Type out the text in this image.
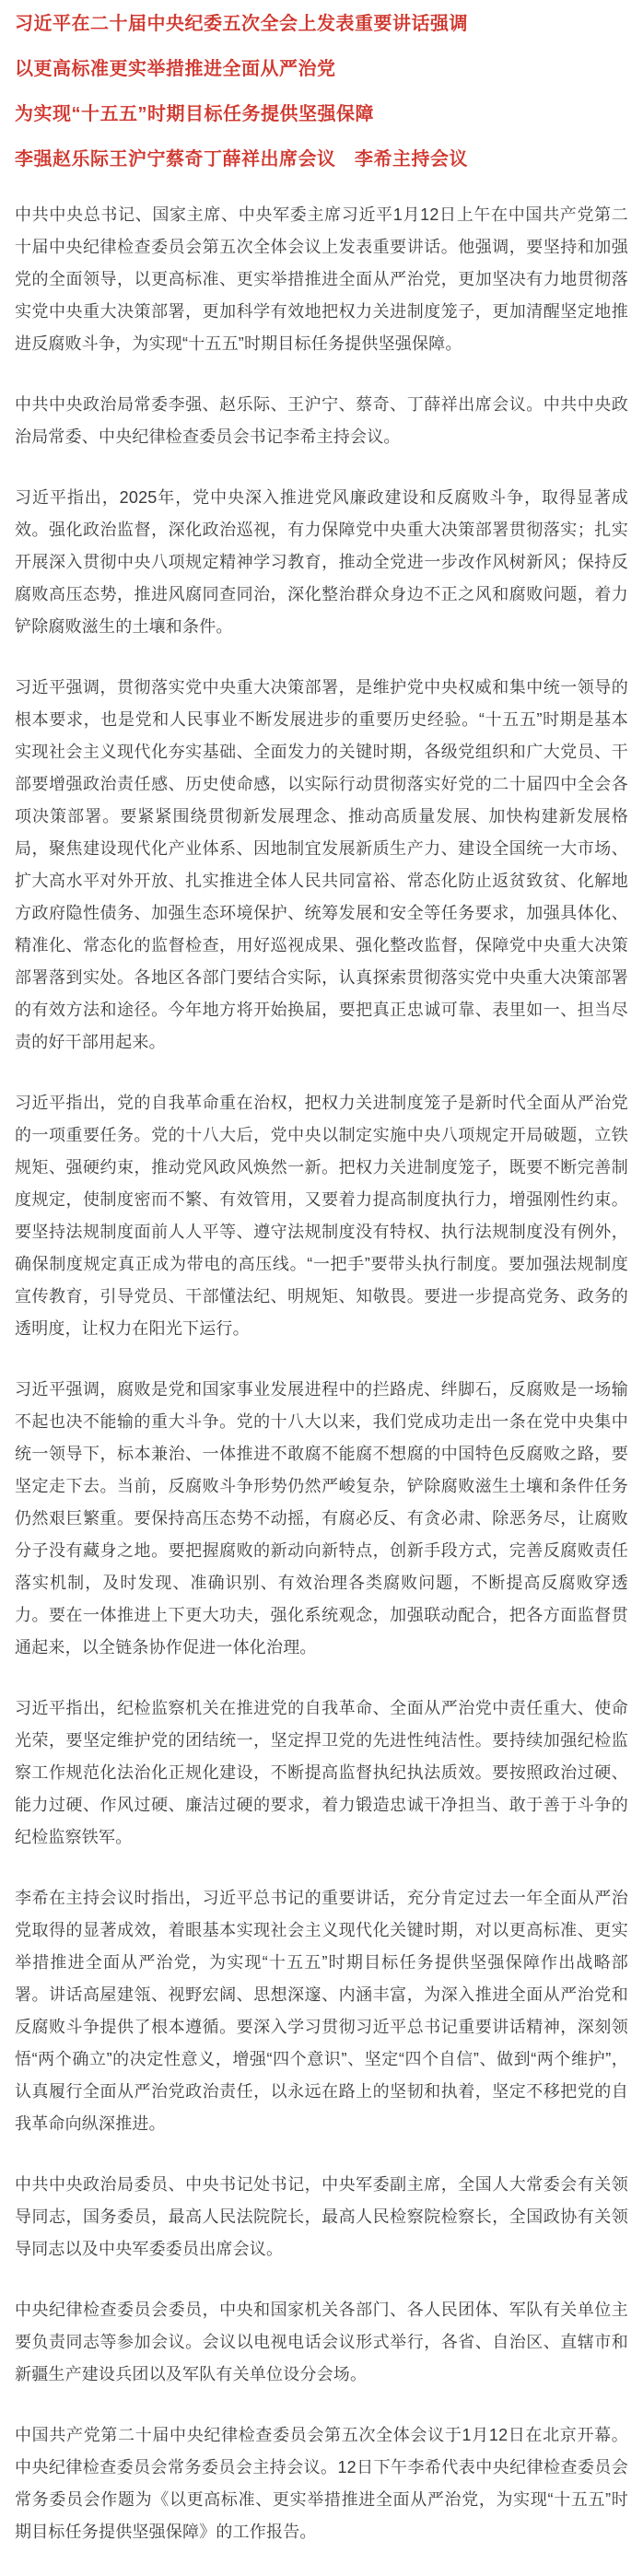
习近平在二十届中央纪委五次全会上发表重要讲话强调
以更高标准更实举措推进全面从严治党
为实现“十五五”时期目标任务提供坚强保障
李强赵乐际王沪宁蔡奇丁薛祥出席会议　李希主持会议

中共中央总书记、国家主席、中央军委主席习近平1月12日上午在中国共产党第二十届中央纪律检查委员会第五次全体会议上发表重要讲话。他强调，要坚持和加强党的全面领导，以更高标准、更实举措推进全面从严治党，更加坚决有力地贯彻落实党中央重大决策部署，更加科学有效地把权力关进制度笼子，更加清醒坚定地推进反腐败斗争，为实现“十五五”时期目标任务提供坚强保障。

中共中央政治局常委李强、赵乐际、王沪宁、蔡奇、丁薛祥出席会议。中共中央政治局常委、中央纪律检查委员会书记李希主持会议。

习近平指出，2025年，党中央深入推进党风廉政建设和反腐败斗争，取得显著成效。强化政治监督，深化政治巡视，有力保障党中央重大决策部署贯彻落实；扎实开展深入贯彻中央八项规定精神学习教育，推动全党进一步改作风树新风；保持反腐败高压态势，推进风腐同查同治，深化整治群众身边不正之风和腐败问题，着力铲除腐败滋生的土壤和条件。

习近平强调，贯彻落实党中央重大决策部署，是维护党中央权威和集中统一领导的根本要求，也是党和人民事业不断发展进步的重要历史经验。“十五五”时期是基本实现社会主义现代化夯实基础、全面发力的关键时期，各级党组织和广大党员、干部要增强政治责任感、历史使命感，以实际行动贯彻落实好党的二十届四中全会各项决策部署。要紧紧围绕贯彻新发展理念、推动高质量发展、加快构建新发展格局，聚焦建设现代化产业体系、因地制宜发展新质生产力、建设全国统一大市场、扩大高水平对外开放、扎实推进全体人民共同富裕、常态化防止返贫致贫、化解地方政府隐性债务、加强生态环境保护、统筹发展和安全等任务要求，加强具体化、精准化、常态化的监督检查，用好巡视成果、强化整改监督，保障党中央重大决策部署落到实处。各地区各部门要结合实际，认真探索贯彻落实党中央重大决策部署的有效方法和途径。今年地方将开始换届，要把真正忠诚可靠、表里如一、担当尽责的好干部用起来。

习近平指出，党的自我革命重在治权，把权力关进制度笼子是新时代全面从严治党的一项重要任务。党的十八大后，党中央以制定实施中央八项规定开局破题，立铁规矩、强硬约束，推动党风政风焕然一新。把权力关进制度笼子，既要不断完善制度规定，使制度密而不繁、有效管用，又要着力提高制度执行力，增强刚性约束。要坚持法规制度面前人人平等、遵守法规制度没有特权、执行法规制度没有例外，确保制度规定真正成为带电的高压线。“一把手”要带头执行制度。要加强法规制度宣传教育，引导党员、干部懂法纪、明规矩、知敬畏。要进一步提高党务、政务的透明度，让权力在阳光下运行。

习近平强调，腐败是党和国家事业发展进程中的拦路虎、绊脚石，反腐败是一场输不起也决不能输的重大斗争。党的十八大以来，我们党成功走出一条在党中央集中统一领导下，标本兼治、一体推进不敢腐不能腐不想腐的中国特色反腐败之路，要坚定走下去。当前，反腐败斗争形势仍然严峻复杂，铲除腐败滋生土壤和条件任务仍然艰巨繁重。要保持高压态势不动摇，有腐必反、有贪必肃、除恶务尽，让腐败分子没有藏身之地。要把握腐败的新动向新特点，创新手段方式，完善反腐败责任落实机制，及时发现、准确识别、有效治理各类腐败问题，不断提高反腐败穿透力。要在一体推进上下更大功夫，强化系统观念，加强联动配合，把各方面监督贯通起来，以全链条协作促进一体化治理。

习近平指出，纪检监察机关在推进党的自我革命、全面从严治党中责任重大、使命光荣，要坚定维护党的团结统一，坚定捍卫党的先进性纯洁性。要持续加强纪检监察工作规范化法治化正规化建设，不断提高监督执纪执法质效。要按照政治过硬、能力过硬、作风过硬、廉洁过硬的要求，着力锻造忠诚干净担当、敢于善于斗争的纪检监察铁军。

李希在主持会议时指出，习近平总书记的重要讲话，充分肯定过去一年全面从严治党取得的显著成效，着眼基本实现社会主义现代化关键时期，对以更高标准、更实举措推进全面从严治党，为实现“十五五”时期目标任务提供坚强保障作出战略部署。讲话高屋建瓴、视野宏阔、思想深邃、内涵丰富，为深入推进全面从严治党和反腐败斗争提供了根本遵循。要深入学习贯彻习近平总书记重要讲话精神，深刻领悟“两个确立”的决定性意义，增强“四个意识”、坚定“四个自信”、做到“两个维护”，认真履行全面从严治党政治责任，以永远在路上的坚韧和执着，坚定不移把党的自我革命向纵深推进。

中共中央政治局委员、中央书记处书记，中央军委副主席，全国人大常委会有关领导同志，国务委员，最高人民法院院长，最高人民检察院检察长，全国政协有关领导同志以及中央军委委员出席会议。

中央纪律检查委员会委员，中央和国家机关各部门、各人民团体、军队有关单位主要负责同志等参加会议。会议以电视电话会议形式举行，各省、自治区、直辖市和新疆生产建设兵团以及军队有关单位设分会场。

中国共产党第二十届中央纪律检查委员会第五次全体会议于1月12日在北京开幕。中央纪律检查委员会常务委员会主持会议。12日下午李希代表中央纪律检查委员会常务委员会作题为《以更高标准、更实举措推进全面从严治党，为实现“十五五”时期目标任务提供坚强保障》的工作报告。
